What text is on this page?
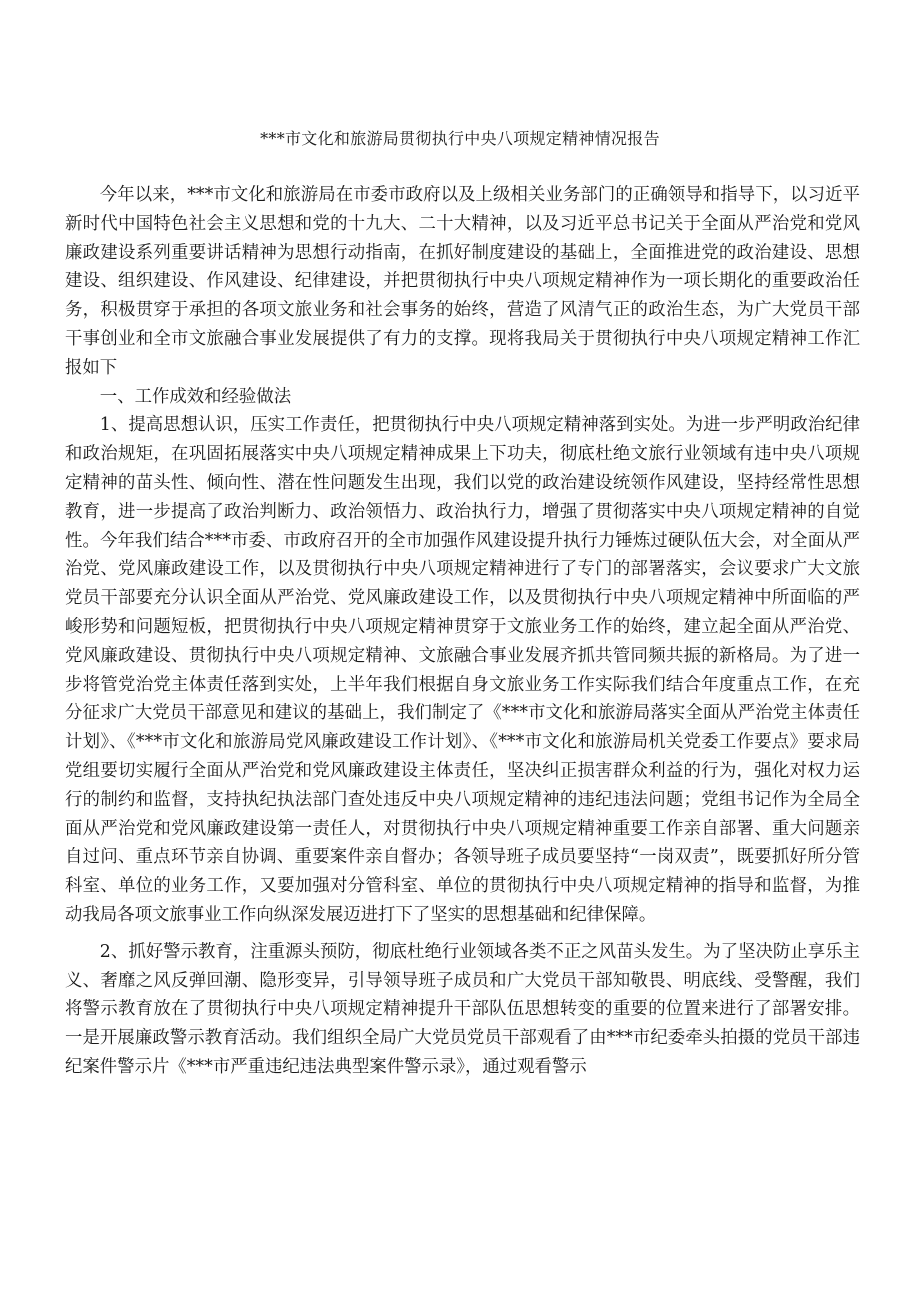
***市文化和旅游局贯彻执行中央八项规定精神情况报告

今年以来，***市文化和旅游局在市委市政府以及上级相关业务部门的正确领导和指导下，以习近平新时代中国特色社会主义思想和党的十九大、二十大精神，以及习近平总书记关于全面从严治党和党风廉政建设系列重要讲话精神为思想行动指南，在抓好制度建设的基础上，全面推进党的政治建设、思想建设、组织建设、作风建设、纪律建设，并把贯彻执行中央八项规定精神作为一项长期化的重要政治任务，积极贯穿于承担的各项文旅业务和社会事务的始终，营造了风清气正的政治生态，为广大党员干部干事创业和全市文旅融合事业发展提供了有力的支撑。现将我局关于贯彻执行中央八项规定精神工作汇报如下

一、工作成效和经验做法

1、提高思想认识，压实工作责任，把贯彻执行中央八项规定精神落到实处。为进一步严明政治纪律和政治规矩，在巩固拓展落实中央八项规定精神成果上下功夫，彻底杜绝文旅行业领域有违中央八项规定精神的苗头性、倾向性、潜在性问题发生出现，我们以党的政治建设统领作风建设，坚持经常性思想教育，进一步提高了政治判断力、政治领悟力、政治执行力，增强了贯彻落实中央八项规定精神的自觉性。今年我们结合***市委、市政府召开的全市加强作风建设提升执行力锤炼过硬队伍大会，对全面从严治党、党风廉政建设工作，以及贯彻执行中央八项规定精神进行了专门的部署落实，会议要求广大文旅党员干部要充分认识全面从严治党、党风廉政建设工作，以及贯彻执行中央八项规定精神中所面临的严峻形势和问题短板，把贯彻执行中央八项规定精神贯穿于文旅业务工作的始终，建立起全面从严治党、党风廉政建设、贯彻执行中央八项规定精神、文旅融合事业发展齐抓共管同频共振的新格局。为了进一步将管党治党主体责任落到实处，上半年我们根据自身文旅业务工作实际我们结合年度重点工作，在充分征求广大党员干部意见和建议的基础上，我们制定了《***市文化和旅游局落实全面从严治党主体责任计划》、《***市文化和旅游局党风廉政建设工作计划》、《***市文化和旅游局机关党委工作要点》要求局党组要切实履行全面从严治党和党风廉政建设主体责任，坚决纠正损害群众利益的行为，强化对权力运行的制约和监督，支持执纪执法部门查处违反中央八项规定精神的违纪违法问题；党组书记作为全局全面从严治党和党风廉政建设第一责任人，对贯彻执行中央八项规定精神重要工作亲自部署、重大问题亲自过问、重点环节亲自协调、重要案件亲自督办；各领导班子成员要坚持“一岗双责”，既要抓好所分管科室、单位的业务工作，又要加强对分管科室、单位的贯彻执行中央八项规定精神的指导和监督，为推动我局各项文旅事业工作向纵深发展迈进打下了坚实的思想基础和纪律保障。

2、抓好警示教育，注重源头预防，彻底杜绝行业领域各类不正之风苗头发生。为了坚决防止享乐主义、奢靡之风反弹回潮、隐形变异，引导领导班子成员和广大党员干部知敬畏、明底线、受警醒，我们将警示教育放在了贯彻执行中央八项规定精神提升干部队伍思想转变的重要的位置来进行了部署安排。一是开展廉政警示教育活动。我们组织全局广大党员党员干部观看了由***市纪委牵头拍摄的党员干部违纪案件警示片《***市严重违纪违法典型案件警示录》，通过观看警示
